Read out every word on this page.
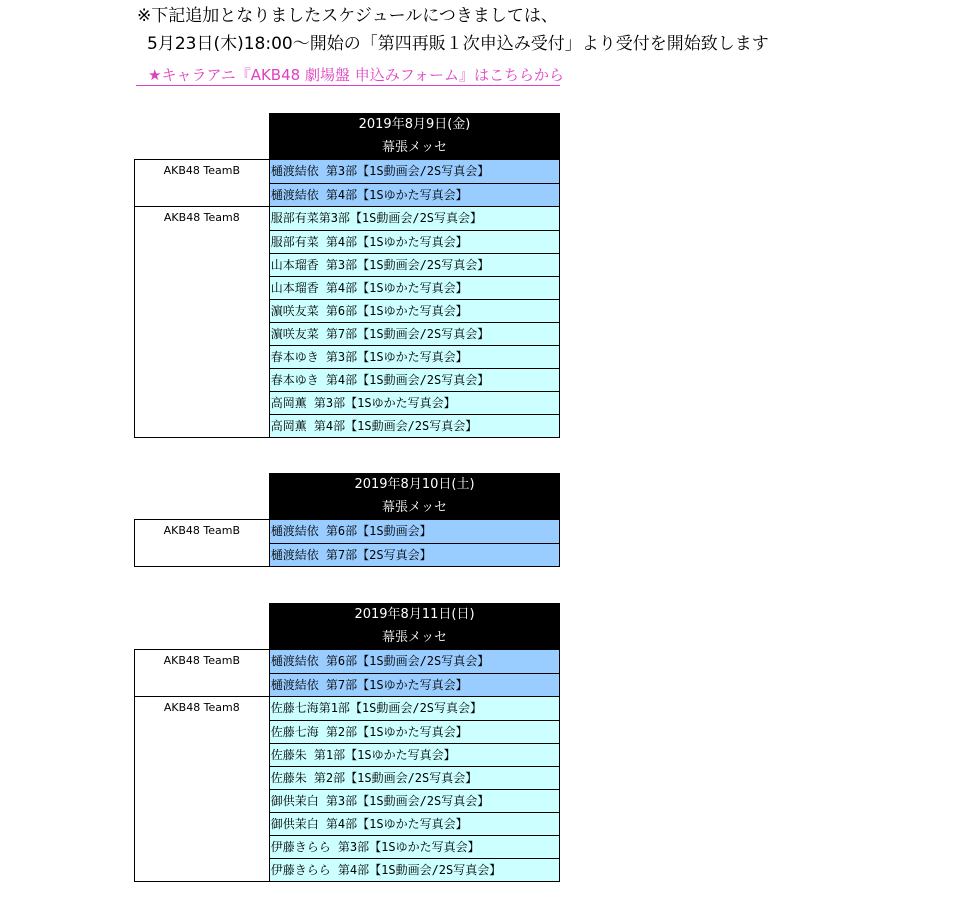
※下記追加となりましたスケジュールにつきましては、
5月23日(木)18:00～開始の「第四再販１次申込み受付」より受付を開始致します
★キャラアニ『AKB48 劇場盤 申込みフォーム』はこちらから
2019年8月9日(金)
幕張メッセ
AKB48 TeamB	樋渡結依 第3部【1S動画会/2S写真会】
樋渡結依 第4部【1Sゆかた写真会】
AKB48 Team8	服部有菜第3部【1S動画会/2S写真会】
服部有菜 第4部【1Sゆかた写真会】
山本瑠香 第3部【1S動画会/2S写真会】
山本瑠香 第4部【1Sゆかた写真会】
濵咲友菜 第6部【1Sゆかた写真会】
濵咲友菜 第7部【1S動画会/2S写真会】
春本ゆき 第3部【1Sゆかた写真会】
春本ゆき 第4部【1S動画会/2S写真会】
高岡薫 第3部【1Sゆかた写真会】
高岡薫 第4部【1S動画会/2S写真会】
2019年8月10日(土)
幕張メッセ
AKB48 TeamB	樋渡結依 第6部【1S動画会】
樋渡結依 第7部【2S写真会】
2019年8月11日(日)
幕張メッセ
AKB48 TeamB	樋渡結依 第6部【1S動画会/2S写真会】
樋渡結依 第7部【1Sゆかた写真会】
AKB48 Team8	佐藤七海第1部【1S動画会/2S写真会】
佐藤七海 第2部【1Sゆかた写真会】
佐藤朱 第1部【1Sゆかた写真会】
佐藤朱 第2部【1S動画会/2S写真会】
御供茉白 第3部【1S動画会/2S写真会】
御供茉白 第4部【1Sゆかた写真会】
伊藤きらら 第3部【1Sゆかた写真会】
伊藤きらら 第4部【1S動画会/2S写真会】
